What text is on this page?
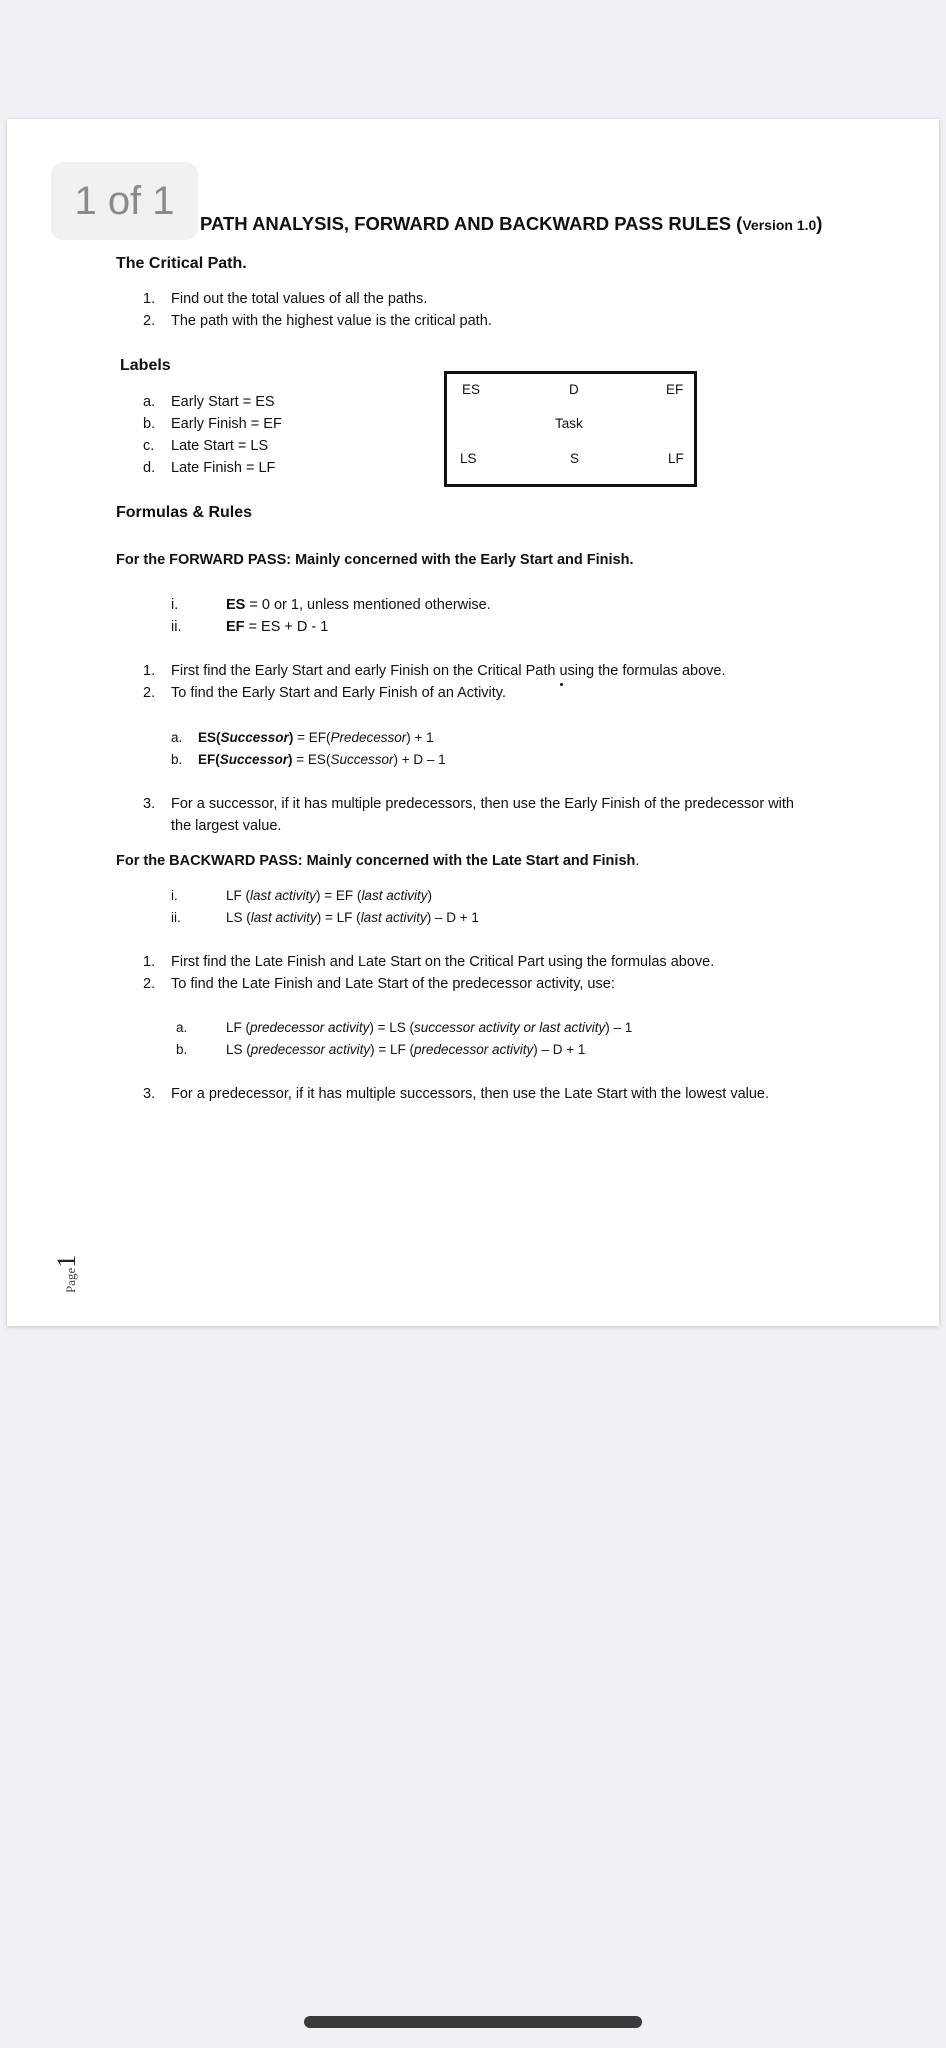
1 of 1
PATH ANALYSIS, FORWARD AND BACKWARD PASS RULES (Version 1.0)
The Critical Path.
1. Find out the total values of all the paths.
2. The path with the highest value is the critical path.
Labels
a. Early Start = ES
b. Early Finish = EF
c. Late Start = LS
d. Late Finish = LF
ES	D	EF
Task
LS	S	LF
Formulas & Rules
For the FORWARD PASS: Mainly concerned with the Early Start and Finish.
i.	ES = 0 or 1, unless mentioned otherwise.
ii.	EF = ES + D - 1
1. First find the Early Start and early Finish on the Critical Path using the formulas above.
2. To find the Early Start and Early Finish of an Activity.
a. ES(Successor) = EF(Predecessor) + 1
b. EF(Successor) = ES(Successor) + D – 1
3. For a successor, if it has multiple predecessors, then use the Early Finish of the predecessor with
the largest value.
For the BACKWARD PASS: Mainly concerned with the Late Start and Finish.
i.	LF (last activity) = EF (last activity)
ii.	LS (last activity) = LF (last activity) – D + 1
1. First find the Late Finish and Late Start on the Critical Part using the formulas above.
2. To find the Late Finish and Late Start of the predecessor activity, use:
a.	LF (predecessor activity) = LS (successor activity or last activity) – 1
b.	LS (predecessor activity) = LF (predecessor activity) – D + 1
3. For a predecessor, if it has multiple successors, then use the Late Start with the lowest value.
Page1
